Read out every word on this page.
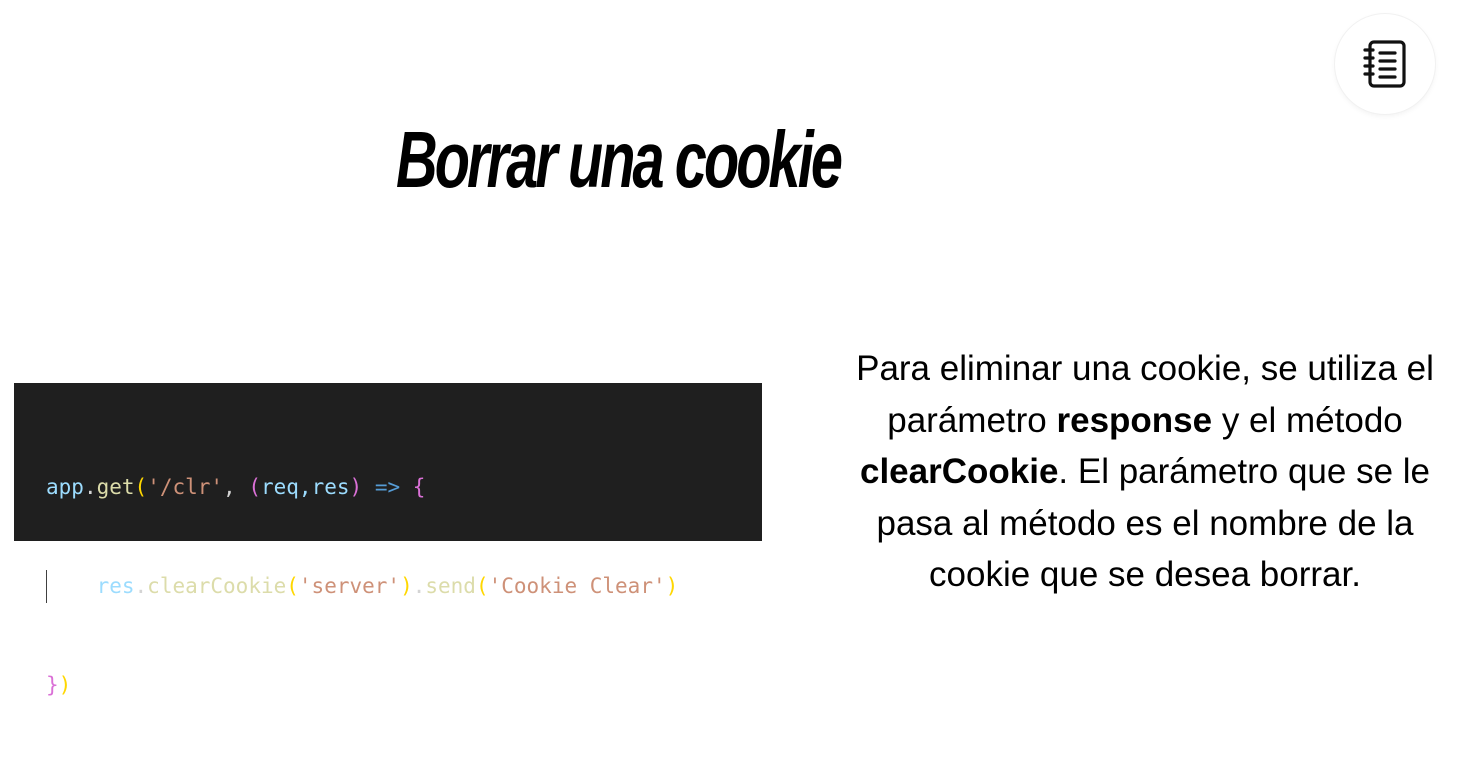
Borrar una cookie

app.get('/clr', (req,res) => {

res.clearCookie('server').send('Cookie Clear')

})

Para eliminar una cookie, se utiliza el parámetro response y el método clearCookie. El parámetro que se le pasa al método es el nombre de la cookie que se desea borrar.
